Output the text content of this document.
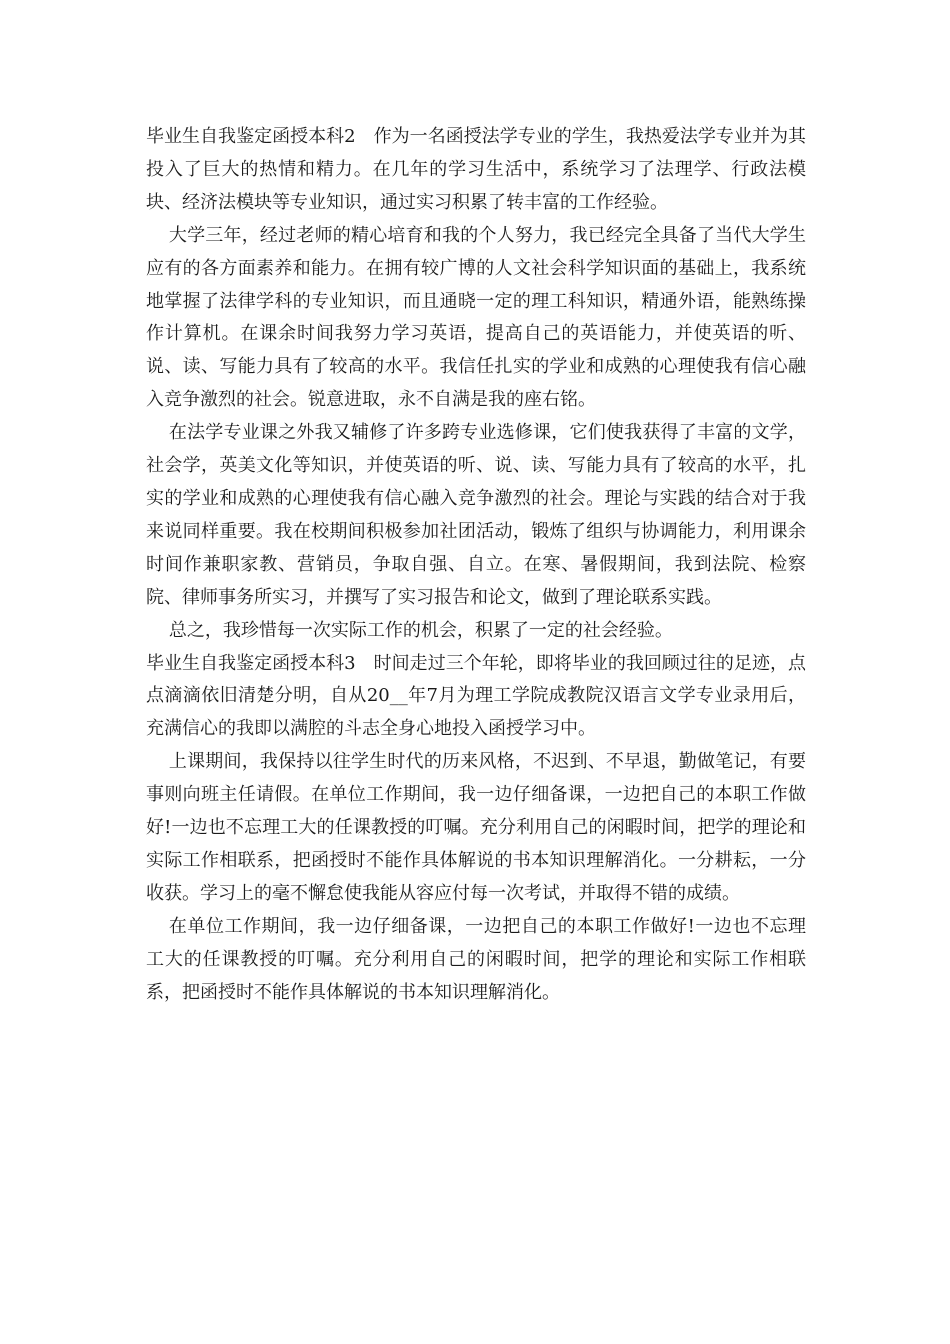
毕业生自我鉴定函授本科2　作为一名函授法学专业的学生，我热爱法学专业并为其投入了巨大的热情和精力。在几年的学习生活中，系统学习了法理学、行政法模块、经济法模块等专业知识，通过实习积累了转丰富的工作经验。

大学三年，经过老师的精心培育和我的个人努力，我已经完全具备了当代大学生应有的各方面素养和能力。在拥有较广博的人文社会科学知识面的基础上，我系统地掌握了法律学科的专业知识，而且通晓一定的理工科知识，精通外语，能熟练操作计算机。在课余时间我努力学习英语，提高自己的英语能力，并使英语的听、说、读、写能力具有了较高的水平。我信任扎实的学业和成熟的心理使我有信心融入竞争激烈的社会。锐意进取，永不自满是我的座右铭。

在法学专业课之外我又辅修了许多跨专业选修课，它们使我获得了丰富的文学，社会学，英美文化等知识，并使英语的听、说、读、写能力具有了较高的水平，扎实的学业和成熟的心理使我有信心融入竞争激烈的社会。理论与实践的结合对于我来说同样重要。我在校期间积极参加社团活动，锻炼了组织与协调能力，利用课余时间作兼职家教、营销员，争取自强、自立。在寒、暑假期间，我到法院、检察院、律师事务所实习，并撰写了实习报告和论文，做到了理论联系实践。

总之，我珍惜每一次实际工作的机会，积累了一定的社会经验。

毕业生自我鉴定函授本科3　时间走过三个年轮，即将毕业的我回顾过往的足迹，点点滴滴依旧清楚分明，自从20__年7月为理工学院成教院汉语言文学专业录用后，充满信心的我即以满腔的斗志全身心地投入函授学习中。

上课期间，我保持以往学生时代的历来风格，不迟到、不早退，勤做笔记，有要事则向班主任请假。在单位工作期间，我一边仔细备课，一边把自己的本职工作做好!一边也不忘理工大的任课教授的叮嘱。充分利用自己的闲暇时间，把学的理论和实际工作相联系，把函授时不能作具体解说的书本知识理解消化。一分耕耘，一分收获。学习上的毫不懈怠使我能从容应付每一次考试，并取得不错的成绩。

在单位工作期间，我一边仔细备课，一边把自己的本职工作做好!一边也不忘理工大的任课教授的叮嘱。充分利用自己的闲暇时间，把学的理论和实际工作相联系，把函授时不能作具体解说的书本知识理解消化。
